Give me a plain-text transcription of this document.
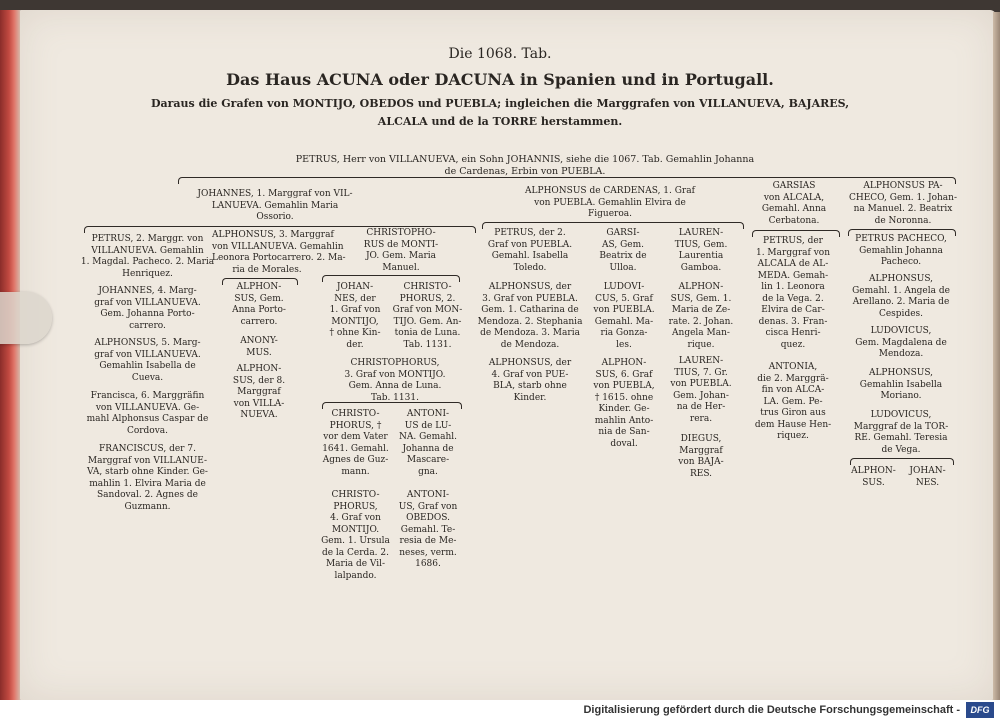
Die 1068. Tab.
Das Haus ACUNA oder DACUNA in Spanien und in Portugall.
Daraus die Grafen von MONTIJO, OBEDOS und PUEBLA; ingleichen die Marggrafen von VILLANUEVA, BAJARES,
ALCALA und de la TORRE herstammen.
PETRUS, Herr von VILLANUEVA, ein Sohn JOHANNIS, siehe die 1067. Tab. Gemahlin Johanna
de Cardenas, Erbin von PUEBLA.
JOHANNES, 1. Marggraf von VIL-
LANUEVA. Gemahlin Maria
Ossorio.
ALPHONSUS de CARDENAS, 1. Graf
von PUEBLA. Gemahlin Elvira de
Figueroa.
GARSIAS
von ALCALA,
Gemahl. Anna
Cerbatona.
ALPHONSUS PA-
CHECO, Gem. 1. Johan-
na Manuel. 2. Beatrix
de Noronna.
PETRUS, 2. Marggr. von
VILLANUEVA. Gemahlin
1. Magdal. Pacheco. 2. Maria
Henriquez.
JOHANNES, 4. Marg-
graf von VILLANUEVA.
Gem. Johanna Porto-
carrero.
ALPHONSUS, 5. Marg-
graf von VILLANUEVA.
Gemahlin Isabella de
Cueva.
Francisca, 6. Marggräfin
von VILLANUEVA. Ge-
mahl Alphonsus Caspar de
Cordova.
FRANCISCUS, der 7.
Marggraf von VILLANUE-
VA, starb ohne Kinder. Ge-
mahlin 1. Elvira Maria de
Sandoval. 2. Agnes de
Guzmann.
ALPHONSUS, 3. Marggraf
von VILLANUEVA. Gemahlin
Leonora Portocarrero. 2.
ria de Morales.
ALPHON-
SUS, Gem.
Anna Porto-
carrero.
ANONY-
MUS.
ALPHON-
SUS, der 8.
Marggraf
von VILLA-
NUEVA.
CHRISTOPHO-
RUS de MONTI-
JO. Gem. Maria
Manuel.
JOHAN-
NES, der
1. Graf von
MONTIJO,
† ohne Kin-
der.
CHRISTO-
PHORUS, 2.
Graf von MON-
TIJO. Gem. An-
tonia de Luna.
Tab. 1131.
CHRISTOPHORUS,
3. Graf von MONTIJO.
Gem. Anna de Luna.
Tab. 1131.
CHRISTO-
PHORUS, †
vor dem Vater
1641. Gemahl.
Agnes de Guz-
mann.
ANTONI-
US de LU-
NA. Gemahl.
Johanna de
Mascare-
gna.
CHRISTO-
PHORUS,
4. Graf von
MONTIJO.
Gem. 1. Ursula
de la Cerda. 2.
Maria de Vil-
lalpando.
ANTONI-
US, Graf von
OBEDOS.
Gemahl. Te-
resia de Me-
neses, verm.
1686.
PETRUS, der 2.
Graf von PUEBLA.
Gemahl. Isabella
Toledo.
ALPHONSUS, der
3. Graf von PUEBLA.
Gem. 1. Catharina de
Mendoza. 2. Stephania
de Mendoza. 3. Maria
de Mendoza.
ALPHONSUS, der
4. Graf von PUE-
BLA, starb ohne
Kinder.
GARSI-
AS, Gem.
Beatrix de
Ulloa.
LUDOVI-
CUS, 5. Graf
von PUEBLA.
Gemahl. Ma-
ria Gonza-
les.
ALPHON-
SUS, 6. Graf
von PUEBLA,
† 1615. ohne
Kinder. Ge-
mahlin Anto-
nia de San-
doval.
LAUREN-
TIUS, Gem.
Laurentia
Gamboa.
ALPHON-
SUS, Gem. 1.
Maria de Ze-
rate. 2. Johan.
Angela Man-
rique.
LAUREN-
TIUS, 7. Gr.
von PUEBLA.
Gem. Johan-
na de Her-
rera.
DIEGUS,
Marggraf
von BAJA-
RES.
PETRUS, der
1. Marggraf von
ALCALA de AL-
MEDA. Gemah-
lin 1. Leonora
de la Vega. 2.
Elvira de Car-
denas. 3. Fran-
cisca Henri-
quez.
ANTONIA,
die 2. Marggrä-
fin von ALCA-
LA. Gem. Pe-
trus Giron aus
dem Hause Hen-
riquez.
PETRUS PACHECO,
Gemahlin Johanna
Pacheco.
ALPHONSUS,
Gemahl. 1. Angela de
Arellano. 2. Maria de
Cespides.
LUDOVICUS,
Gem. Magdalena de
Mendoza.
ALPHONSUS,
Gemahlin Isabella
Moriano.
LUDOVICUS,
Marggraf de la TOR-
RE. Gemahl. Teresia
de Vega.
ALPHON-
SUS.
JOHAN-
NES.
Digitalisierung gefördert durch die Deutsche Forschungsgemeinschaft -	DFG
